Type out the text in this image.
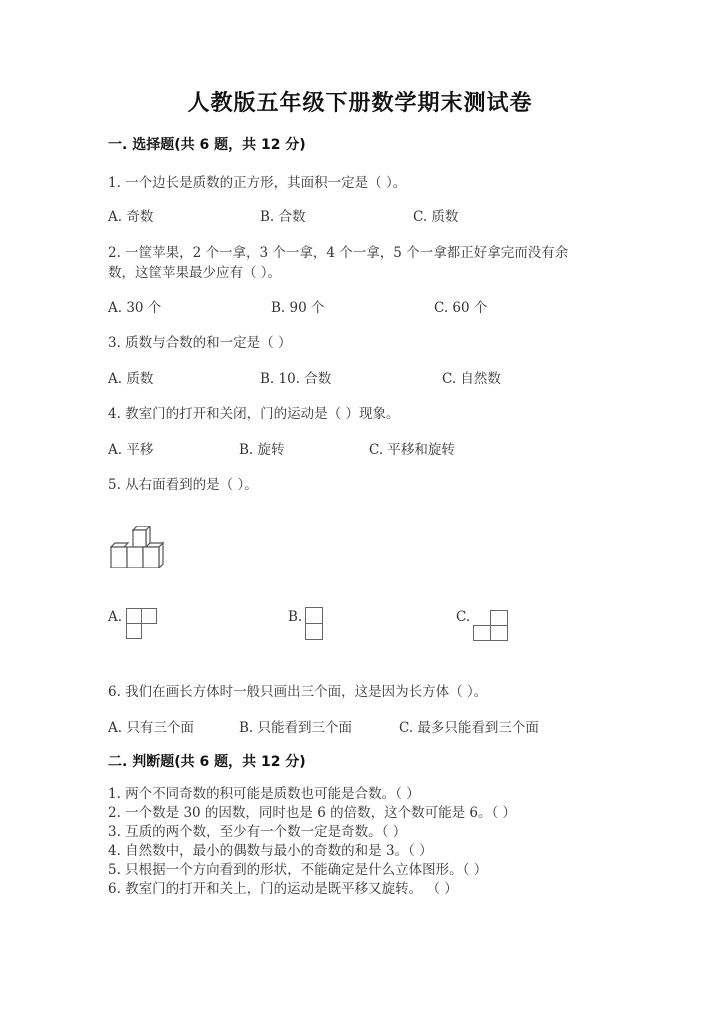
人教版五年级下册数学期末测试卷
一. 选择题(共 6 题，共 12 分)
1. 一个边长是质数的正方形，其面积一定是（ ）。
A. 奇数	B. 合数	C. 质数
2. 一筐苹果，2 个一拿，3 个一拿，4 个一拿，5 个一拿都正好拿完而没有余
数，这筐苹果最少应有（ ）。
A. 30 个	B. 90 个	C. 60 个
3. 质数与合数的和一定是（ ）
A. 质数	B. 10. 合数	C. 自然数
4. 教室门的打开和关闭，门的运动是（ ）现象。
A. 平移	B. 旋转	C. 平移和旋转
5. 从右面看到的是（ ）。
A.	B.	C.
6. 我们在画长方体时一般只画出三个面，这是因为长方体（ ）。
A. 只有三个面	B. 只能看到三个面	C. 最多只能看到三个面
二. 判断题(共 6 题，共 12 分)
1. 两个不同奇数的积可能是质数也可能是合数。（ ）
2. 一个数是 30 的因数，同时也是 6 的倍数，这个数可能是 6。（ ）
3. 互质的两个数，至少有一个数一定是奇数。（ ）
4. 自然数中，最小的偶数与最小的奇数的和是 3。（ ）
5. 只根据一个方向看到的形状，不能确定是什么立体图形。（ ）
6. 教室门的打开和关上，门的运动是既平移又旋转。 （ ）
